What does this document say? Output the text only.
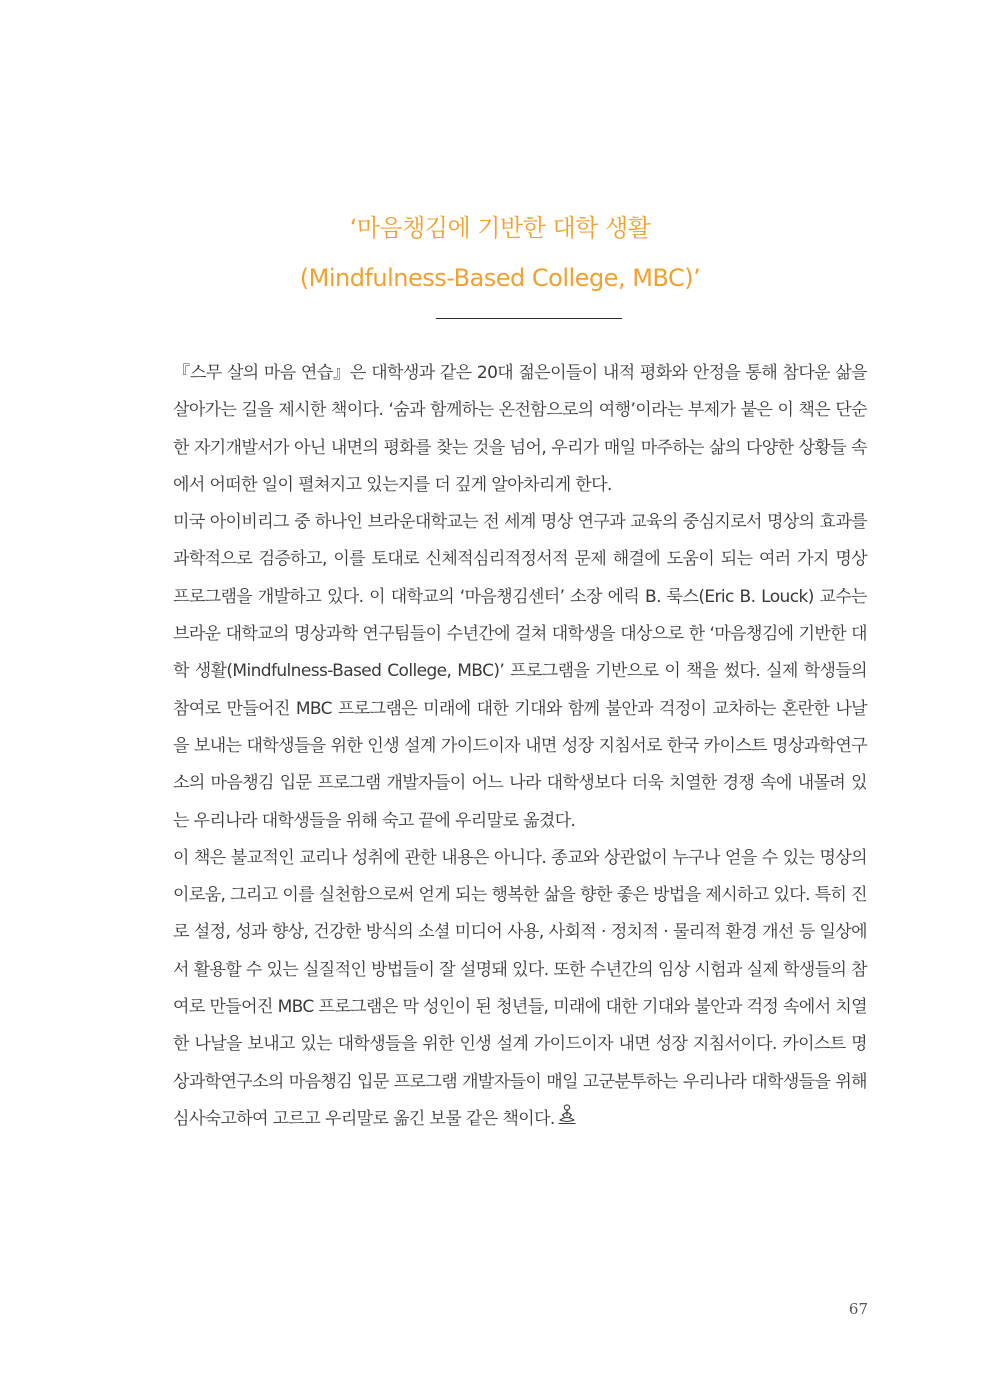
‘마음챙김에 기반한 대학 생활
(Mindfulness-Based College, MBC)’

『스무 살의 마음 연습』은 대학생과 같은 20대 젊은이들이 내적 평화와 안정을 통해 참다운 삶을 살아가는 길을 제시한 책이다. ‘숨과 함께하는 온전함으로의 여행’이라는 부제가 붙은 이 책은 단순한 자기개발서가 아닌 내면의 평화를 찾는 것을 넘어, 우리가 매일 마주하는 삶의 다양한 상황들 속에서 어떠한 일이 펼쳐지고 있는지를 더 깊게 알아차리게 한다.

미국 아이비리그 중 하나인 브라운대학교는 전 세계 명상 연구과 교육의 중심지로서 명상의 효과를 과학적으로 검증하고, 이를 토대로 신체적심리적정서적 문제 해결에 도움이 되는 여러 가지 명상 프로그램을 개발하고 있다. 이 대학교의 ‘마음챙김센터’ 소장 에릭 B. 룩스(Eric B. Louck) 교수는 브라운 대학교의 명상과학 연구팀들이 수년간에 걸쳐 대학생을 대상으로 한 ‘마음챙김에 기반한 대학 생활(Mindfulness-Based College, MBC)’ 프로그램을 기반으로 이 책을 썼다. 실제 학생들의 참여로 만들어진 MBC 프로그램은 미래에 대한 기대와 함께 불안과 걱정이 교차하는 혼란한 나날을 보내는 대학생들을 위한 인생 설계 가이드이자 내면 성장 지침서로 한국 카이스트 명상과학연구소의 마음챙김 입문 프로그램 개발자들이 어느 나라 대학생보다 더욱 치열한 경쟁 속에 내몰려 있는 우리나라 대학생들을 위해 숙고 끝에 우리말로 옮겼다.

이 책은 불교적인 교리나 성취에 관한 내용은 아니다. 종교와 상관없이 누구나 얻을 수 있는 명상의 이로움, 그리고 이를 실천함으로써 얻게 되는 행복한 삶을 향한 좋은 방법을 제시하고 있다. 특히 진로 설정, 성과 향상, 건강한 방식의 소셜 미디어 사용, 사회적 · 정치적 · 물리적 환경 개선 등 일상에서 활용할 수 있는 실질적인 방법들이 잘 설명돼 있다. 또한 수년간의 임상 시험과 실제 학생들의 참여로 만들어진 MBC 프로그램은 막 성인이 된 청년들, 미래에 대한 기대와 불안과 걱정 속에서 치열한 나날을 보내고 있는 대학생들을 위한 인생 설계 가이드이자 내면 성장 지침서이다. 카이스트 명상과학연구소의 마음챙김 입문 프로그램 개발자들이 매일 고군분투하는 우리나라 대학생들을 위해 심사숙고하여 고르고 우리말로 옮긴 보물 같은 책이다.

67
